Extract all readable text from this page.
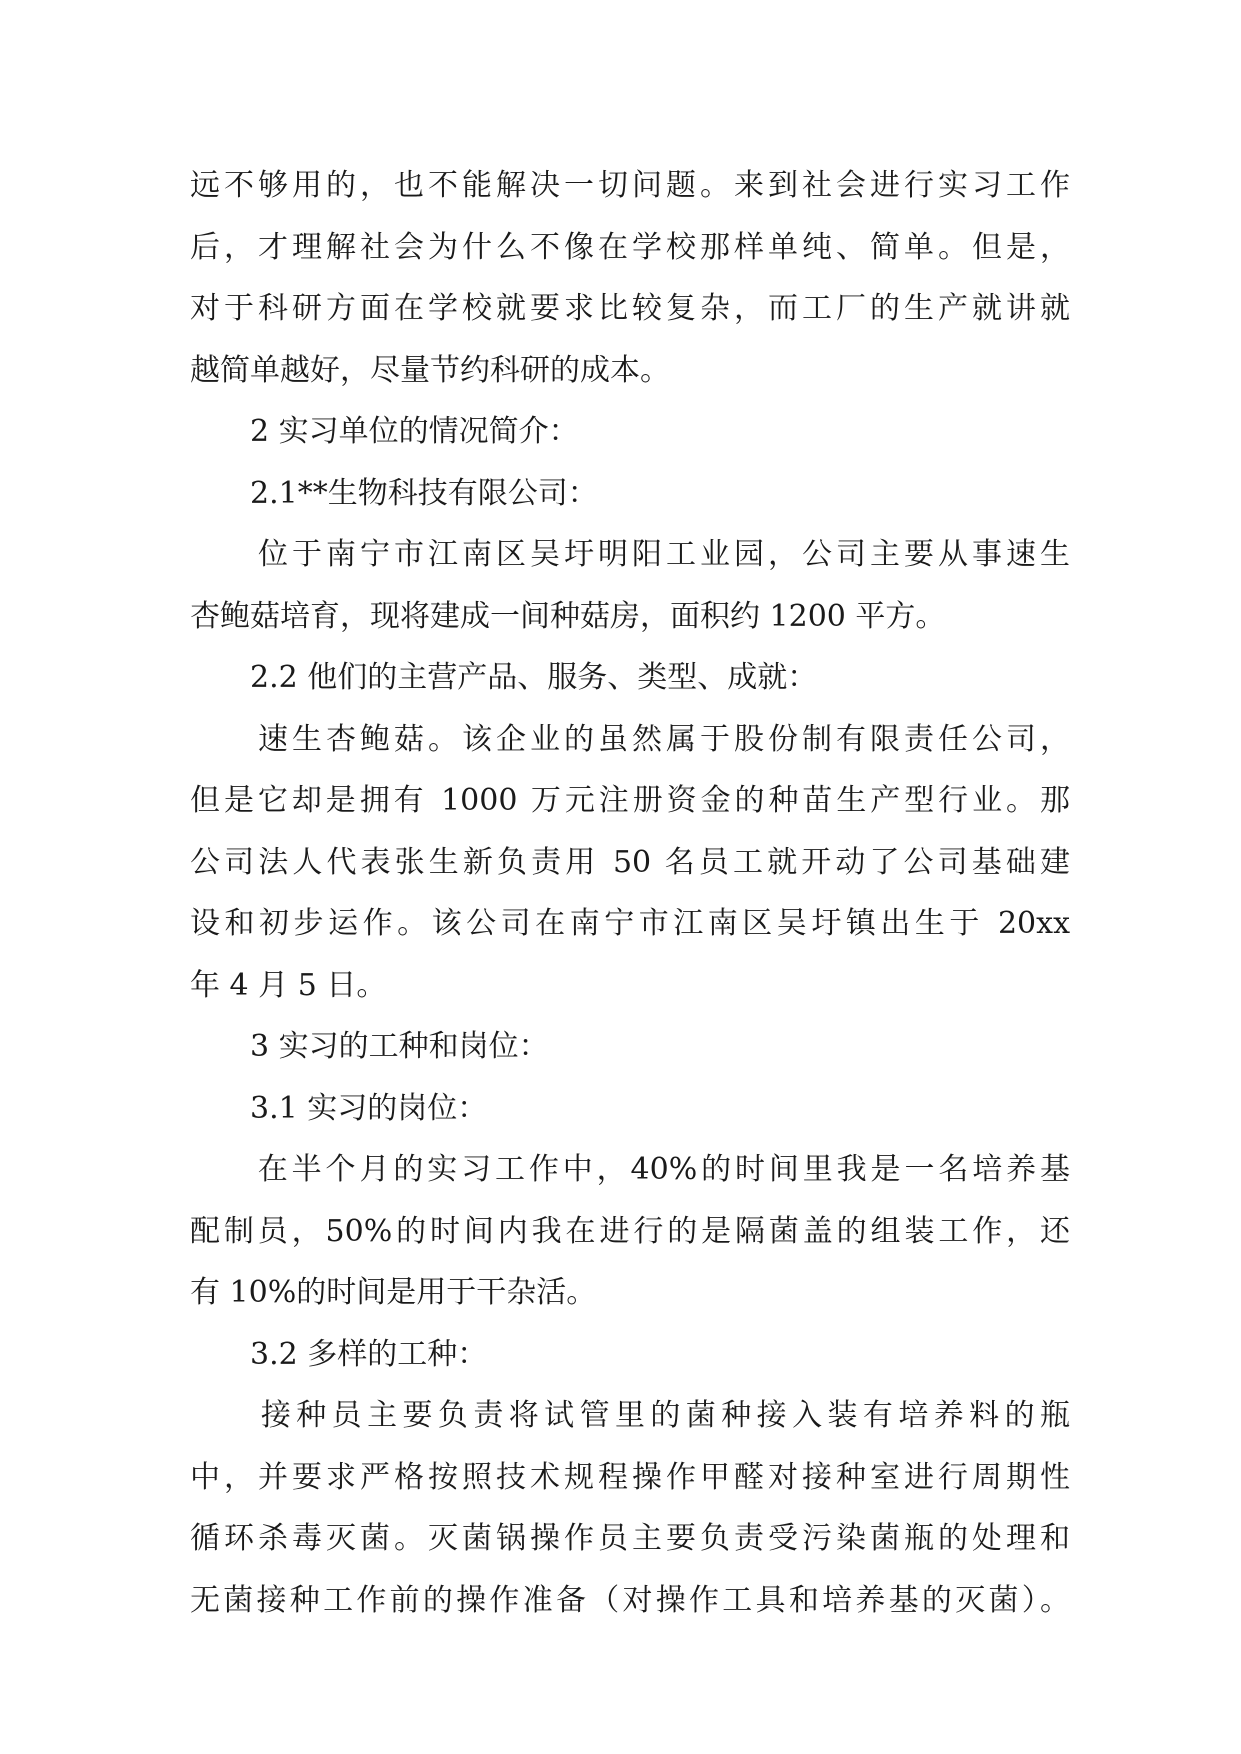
远不够用的，也不能解决一切问题。来到社会进行实习工作
后，才理解社会为什么不像在学校那样单纯、简单。但是，
对于科研方面在学校就要求比较复杂，而工厂的生产就讲就
越简单越好，尽量节约科研的成本。
　　2 实习单位的情况简介：
　　2.1**生物科技有限公司：
　　位于南宁市江南区吴圩明阳工业园，公司主要从事速生
杏鲍菇培育，现将建成一间种菇房，面积约 1200 平方。
　　2.2 他们的主营产品、服务、类型、成就：
　　速生杏鲍菇。该企业的虽然属于股份制有限责任公司，
但是它却是拥有 1000 万元注册资金的种苗生产型行业。那
公司法人代表张生新负责用 50 名员工就开动了公司基础建
设和初步运作。该公司在南宁市江南区吴圩镇出生于 20xx
年 4 月 5 日。
　　3 实习的工种和岗位：
　　3.1 实习的岗位：
　　在半个月的实习工作中，40%的时间里我是一名培养基
配制员，50%的时间内我在进行的是隔菌盖的组装工作，还
有 10%的时间是用于干杂活。
　　3.2 多样的工种：
　　接种员主要负责将试管里的菌种接入装有培养料的瓶
中，并要求严格按照技术规程操作甲醛对接种室进行周期性
循环杀毒灭菌。灭菌锅操作员主要负责受污染菌瓶的处理和
无菌接种工作前的操作准备（对操作工具和培养基的灭菌）。
